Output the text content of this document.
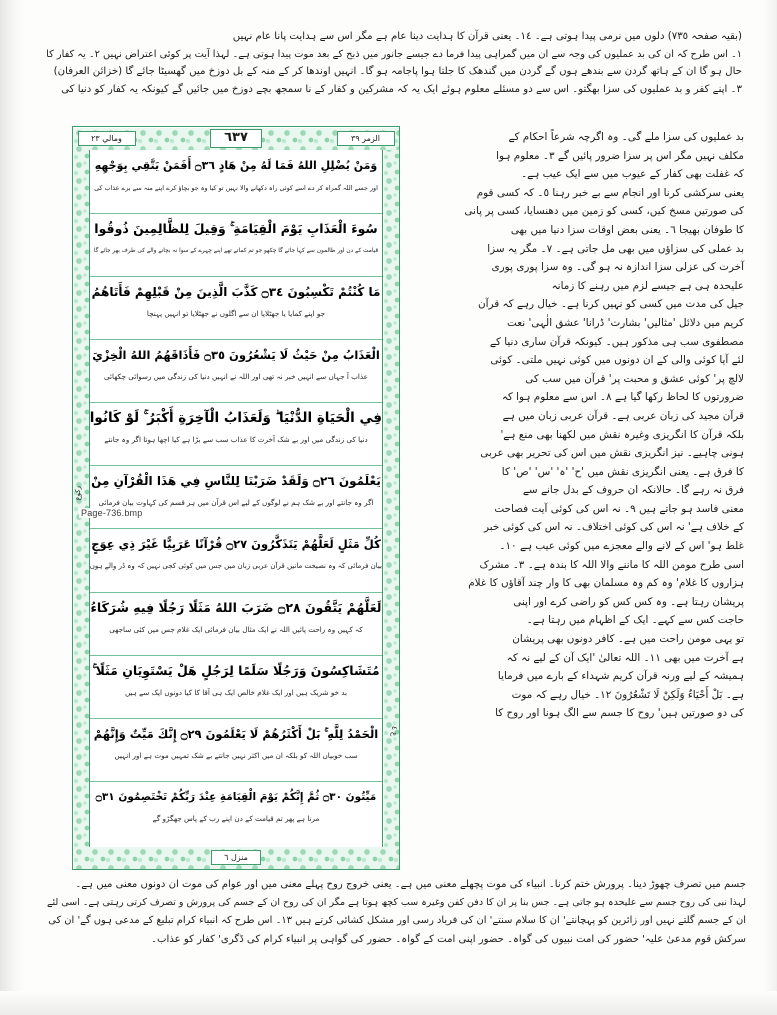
(بقیہ صفحہ ٧٣٥) دلوں میں نرمی پیدا ہوتی ہے۔ ١٤۔ یعنی قرآن کا ہدایت دینا عام ہے مگر اس سے ہدایت پانا عام نہیں
١۔ اس طرح کہ ان کی بد عملیوں کی وجہ سے ان میں گمراہی پیدا فرما دے جیسے جانور میں ذبح کے بعد موت پیدا ہوتی ہے۔ لہذا آیت پر کوئی اعتراض نہیں ٢۔ یہ کفار کا
حال ہو گا ان کے ہاتھ گردن سے بندھے ہوں گے گردن میں گندھک کا جلتا ہوا پاجامہ ہو گا۔ انہیں اوندھا کر کے منہ کے بل دوزخ میں گھسیٹا جائے گا (خزائن العرفان)
٣۔ اپنے کفر و بد عملیوں کی سزا بھگتو۔ اس سے دو مسئلے معلوم ہوئے ایک یہ کہ مشرکین و کفار کے نا سمجھ بچے دوزخ میں جائیں گے کیونکہ یہ کفار کو دنیا کی
ومالي ٢٣	٦٣٧	الزمر ٣٩
وَمَنْ يُضْلِلِ اللهُ فَمَا لَهُ مِنْ هَادٍ ۝٣٦ أَفَمَنْ يَتَّقِي بِوَجْهِهِ
اور جسے اللہ گمراہ کر دے اسے کوئی راہ دکھانے والا نہیں تو کیا وہ جو بچاؤ کرے اپنے منہ سے برے عذاب کی
سُوءَ الْعَذَابِ يَوْمَ الْقِيَامَةِ ۚ وَقِيلَ لِلظَّالِمِينَ ذُوقُوا
قیامت کے دن اور ظالموں سے کہا جائے گا چکھو جو تم کماتے تھے اپنے چہرے کے سوا نہ بچاتے والے کی طرف بھر جائے گا
مَا كُنْتُمْ تَكْسِبُونَ ۝٣٤ كَذَّبَ الَّذِينَ مِنْ قَبْلِهِمْ فَأَتَاهُمُ
جو اپنے کمایا یا جھٹلایا ان سے اگلوں نے جھٹلایا تو انہیں پہنچا
الْعَذَابُ مِنْ حَيْثُ لَا يَشْعُرُونَ ۝٣٥ فَأَذَاقَهُمُ اللهُ الْخِزْيَ
عذاب آ جہاں سے انہیں خبر نہ تھی اور اللہ نے انہیں دنیا کی زندگی میں رسوائی چکھائی
فِي الْحَيَاةِ الدُّنْيَا ۖ وَلَعَذَابُ الْآخِرَةِ أَكْبَرُ ۚ لَوْ كَانُوا
دنیا کی زندگی میں اور بے شک آخرت کا عذاب سب سے بڑا ہے کیا اچھا ہوتا اگر وہ جانتے
يَعْلَمُونَ ۝٢٦ وَلَقَدْ ضَرَبْنَا لِلنَّاسِ فِي هَذَا الْقُرْآنِ مِنْ
اگر وہ جانتے اور بے شک ہم نے لوگوں کے لیے اس قرآن میں ہر قسم کی کہاوت بیان فرمائی
كُلِّ مَثَلٍ لَعَلَّهُمْ يَتَذَكَّرُونَ ۝٢٧ قُرْآنًا عَرَبِيًّا غَيْرَ ذِي عِوَجٍ
بیان فرمائی کہ وہ نصیحت مانیں قرآن عربی زبان میں جس میں کوئی کجی نہیں کہ وہ ڈر والے ہوں
لَعَلَّهُمْ يَتَّقُونَ ۝٢٨ ضَرَبَ اللهُ مَثَلًا رَجُلًا فِيهِ شُرَكَاءُ
کہ کہیں وہ راحت پائیں اللہ نے ایک مثال بیان فرمائی ایک غلام جس میں کئی ساجھی
مُتَشَاكِسُونَ وَرَجُلًا سَلَمًا لِرَجُلٍ هَلْ يَسْتَوِيَانِ مَثَلًا ۚ
بد خو شریک ہیں اور ایک غلام خالص ایک ہی آقا کا کیا دونوں ایک سے ہیں
الْحَمْدُ لِلَّهِ ۚ بَلْ أَكْثَرُهُمْ لَا يَعْلَمُونَ ۝٢٩ إِنَّكَ مَيِّتٌ وَإِنَّهُمْ
سب خوبیاں اللہ کو بلکہ ان میں اکثر نہیں جانتے بے شک تمہیں موت ہے اور انہیں
مَيِّتُونَ ۝٣٠ ثُمَّ إِنَّكُمْ يَوْمَ الْقِيَامَةِ عِنْدَ رَبِّكُمْ تَخْتَصِمُونَ ۝٣١
مرنا ہے پھر تم قیامت کے دن اپنے رب کے پاس جھگڑو گے
رکوع
ع ٤
منزل ٦
بد عملیوں کی سزا ملے گی۔ وہ اگرچہ شرعاً احکام کے
مکلف نہیں مگر اس پر سزا ضرور پائیں گے ٣۔ معلوم ہوا
کہ غفلت بھی کفار کے عیوب میں سے ایک عیب ہے۔
یعنی سرکشی کرنا اور انجام سے بے خبر رہنا ٥۔ کہ کسی قوم
کی صورتیں مسخ کیں، کسی کو زمین میں دھنسایا، کسی پر پانی
کا طوفان بھیجا ٦۔ یعنی بعض اوقات سزا دنیا میں بھی
بد عملی کی سزاؤں میں بھی مل جاتی ہے۔ ٧۔ مگر یہ سزا
آخرت کی عزلی سزا اندازہ نہ ہو گی۔ وہ سزا پوری پوری
علیحدہ ہی ہے جیسے لزم میں رہنے کا زمانہ
جیل کی مدت میں کسی کو نہیں کرنا ہے۔ خیال رہے کہ قرآن
کریم میں دلائل 'مثالیں' بشارت' ڈرانا' عشق الٰہی' نعت
مصطفوی سب ہی مذکور ہیں۔ کیونکہ قرآن ساری دنیا کے
لئے آیا کوئی والی کے ان دونوں میں کوئی نہیں ملتی۔ کوئی
لالچ پر' کوئی عشق و محبت پر' قرآن میں سب کی
ضرورتوں کا لحاظ رکھا گیا ہے ٨۔ اس سے معلوم ہوا کہ
قرآن مجید کی زبان عربی ہے۔ قرآن عربی زبان میں ہے
بلکہ قرآن کا انگریزی وغیرہ نقش میں لکھنا بھی منع ہے'
ہونی چاہیے۔ نیز انگریزی نقش میں اس کی تحریر بھی عربی
کا فرق ہے۔ یعنی انگریزی نقش میں 'ح' 'ہ' 'س' 'ص' کا
فرق نہ رہے گا۔ حالانکہ ان حروف کے بدل جانے سے
معنی فاسد ہو جاتے ہیں ٩۔ نہ اس کی کوئی آیت فصاحت
کے خلاف ہے' نہ اس کی کوئی اختلاف۔ نہ اس کی کوئی خبر
غلط ہو' اس کے لانے والے معجزے میں کوئی عیب ہے ١٠۔
اسی طرح مومن اللہ کا ماننے والا اللہ کا بندہ ہے۔ ٣۔ مشرک
ہزاروں کا غلام' وہ کم وہ مسلمان بھی کا وار چند آقاؤں کا غلام
پریشان رہتا ہے۔ وہ کس کس کو راضی کرے اور اپنی
حاجت کس سے کہے۔ ایک کے اظہام میں رہتا ہے۔
تو یہی مومن راحت میں ہے۔ کافر دونوں بھی پریشان
ہے آخرت میں بھی ١١۔ اللہ تعالیٰ 'ایک آن کے لیے نہ کہ
ہمیشہ کے لیے ورنہ قرآن کریم شہداء کے بارے میں فرمایا
ہے۔ بَلْ أَحْيَاءٌ وَلَكِنْ لَا تَشْعُرُونَ ١٢۔ خیال رہے کہ موت
کی دو صورتیں ہیں' روح کا جسم سے الگ ہونا اور روح کا
جسم میں تصرف چھوڑ دینا۔ پرورش ختم کرنا۔ انبیاء کی موت پچھلے معنی میں ہے۔ یعنی خروج روح پہلے معنی میں اور عوام کی موت ان دونوں معنی میں ہے۔
لہذا نبی کی روح جسم سے علیحدہ ہو جاتی ہے۔ جس بنا پر ان کا دفن کفن وغیرہ سب کچھ ہوتا ہے مگر ان کی روح ان کے جسم کی پرورش و تصرف کرتی رہتی ہے۔ اسی لئے
ان کے جسم گلتے نہیں اور زائرین کو پہچانتے' ان کا سلام سنتے' ان کی فریاد رسی اور مشکل کشائی کرتے ہیں ١٣۔ اس طرح کہ انبیاء کرام تبلیغ کے مدعی ہوں گے' ان کی
سرکش قوم مدعیٰ علیہ' حضور کی امت نبیوں کی گواہ۔ حضور اپنی امت کے گواہ۔ حضور کی گواہی پر انبیاء کرام کی ڈگری' کفار کو عذاب۔
Page-736.bmp
